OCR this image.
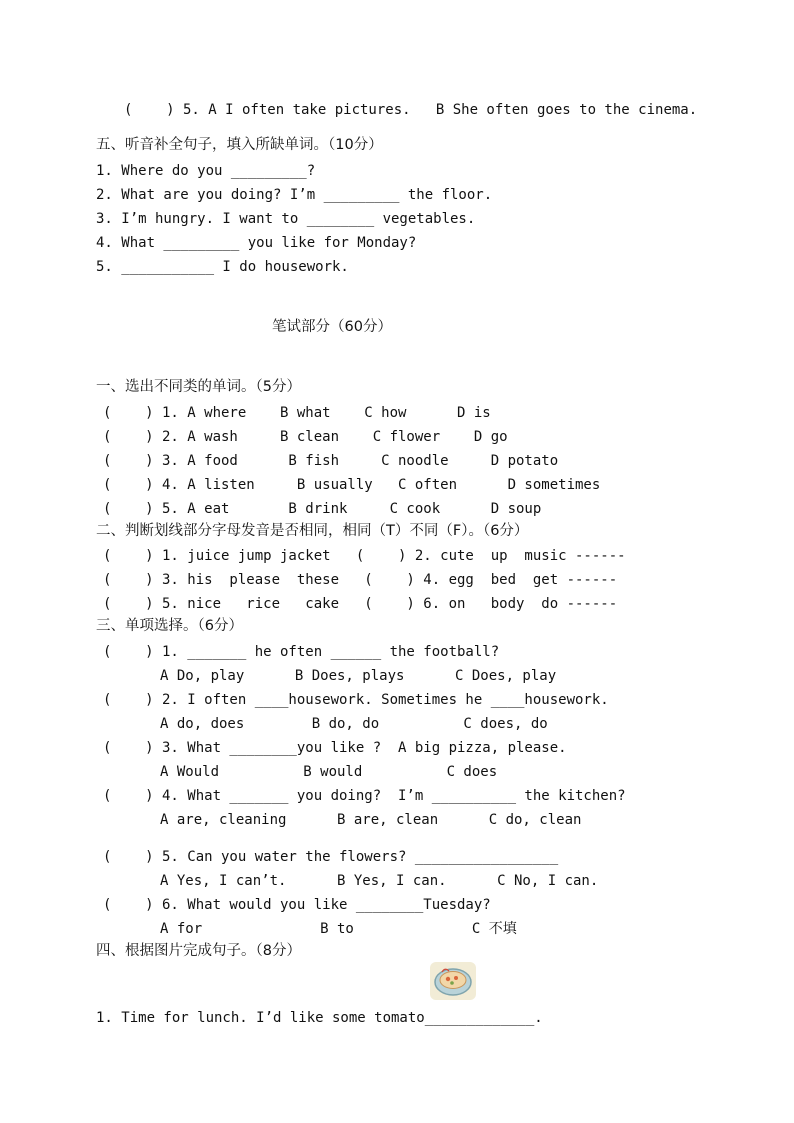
(    ) 5. A I often take pictures.   B She often goes to the cinema.
五、听音补全句子，填入所缺单词。（10分）
1. Where do you _________?
2. What are you doing? I’m _________ the floor.
3. I’m hungry. I want to ________ vegetables.
4. What _________ you like for Monday?
5. ___________ I do housework.
笔试部分（60分）
一、选出不同类的单词。（5分）
(    ) 1. A where    B what    C how      D is
(    ) 2. A wash     B clean    C flower    D go
(    ) 3. A food      B fish     C noodle     D potato
(    ) 4. A listen     B usually   C often      D sometimes
(    ) 5. A eat       B drink     C cook      D soup
二、判断划线部分字母发音是否相同，相同（T）不同（F）。（6分）
(    ) 1. juice jump jacket   (    ) 2. cute  up  music ------
(    ) 3. his  please  these   (    ) 4. egg  bed  get ------
(    ) 5. nice   rice   cake   (    ) 6. on   body  do ------
三、单项选择。（6分）
(    ) 1. _______ he often ______ the football?
A Do, play      B Does, plays      C Does, play
(    ) 2. I often ____housework. Sometimes he ____housework.
A do, does        B do, do          C does, do
(    ) 3. What ________you like ?  A big pizza, please.
A Would          B would          C does
(    ) 4. What _______ you doing?  I’m __________ the kitchen?
A are, cleaning      B are, clean      C do, clean
(    ) 5. Can you water the flowers? _________________
A Yes, I can’t.      B Yes, I can.      C No, I can.
(    ) 6. What would you like ________Tuesday?
A for              B to              C 不填
四、根据图片完成句子。（8分）
1. Time for lunch. I’d like some tomato_____________.
